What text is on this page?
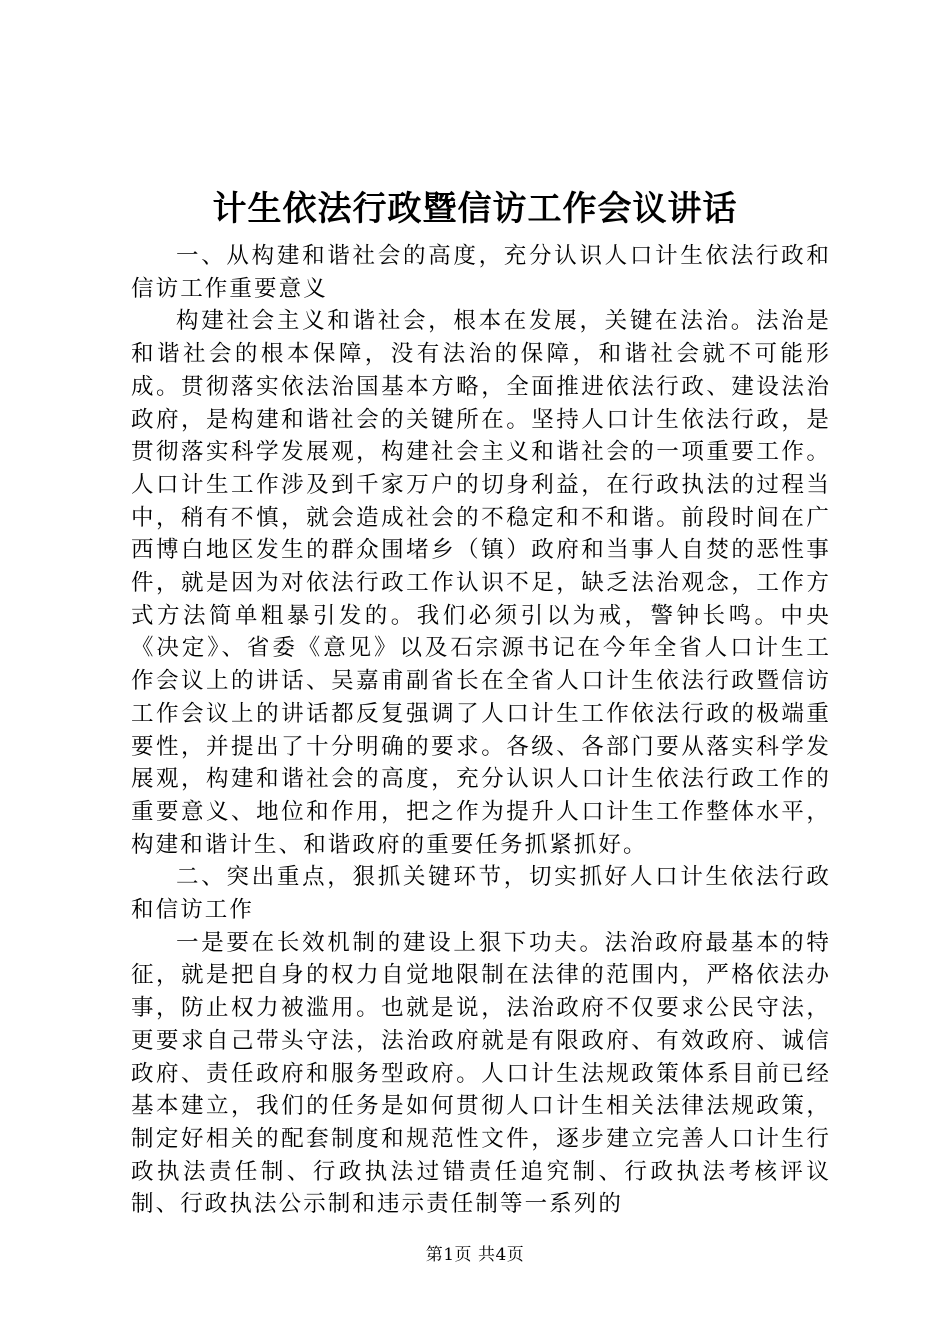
计生依法行政暨信访工作会议讲话

一、从构建和谐社会的高度，充分认识人口计生依法行政和信访工作重要意义

构建社会主义和谐社会，根本在发展，关键在法治。法治是和谐社会的根本保障，没有法治的保障，和谐社会就不可能形成。贯彻落实依法治国基本方略，全面推进依法行政、建设法治政府，是构建和谐社会的关键所在。坚持人口计生依法行政，是贯彻落实科学发展观，构建社会主义和谐社会的一项重要工作。人口计生工作涉及到千家万户的切身利益，在行政执法的过程当中，稍有不慎，就会造成社会的不稳定和不和谐。前段时间在广西博白地区发生的群众围堵乡（镇）政府和当事人自焚的恶性事件，就是因为对依法行政工作认识不足，缺乏法治观念，工作方式方法简单粗暴引发的。我们必须引以为戒，警钟长鸣。中央《决定》、省委《意见》以及石宗源书记在今年全省人口计生工作会议上的讲话、吴嘉甫副省长在全省人口计生依法行政暨信访工作会议上的讲话都反复强调了人口计生工作依法行政的极端重要性，并提出了十分明确的要求。各级、各部门要从落实科学发展观，构建和谐社会的高度，充分认识人口计生依法行政工作的重要意义、地位和作用，把之作为提升人口计生工作整体水平，构建和谐计生、和谐政府的重要任务抓紧抓好。

二、突出重点，狠抓关键环节，切实抓好人口计生依法行政和信访工作

一是要在长效机制的建设上狠下功夫。法治政府最基本的特征，就是把自身的权力自觉地限制在法律的范围内，严格依法办事，防止权力被滥用。也就是说，法治政府不仅要求公民守法，更要求自己带头守法，法治政府就是有限政府、有效政府、诚信政府、责任政府和服务型政府。人口计生法规政策体系目前已经基本建立，我们的任务是如何贯彻人口计生相关法律法规政策，制定好相关的配套制度和规范性文件，逐步建立完善人口计生行政执法责任制、行政执法过错责任追究制、行政执法考核评议制、行政执法公示制和违示责任制等一系列的

第1页 共4页
